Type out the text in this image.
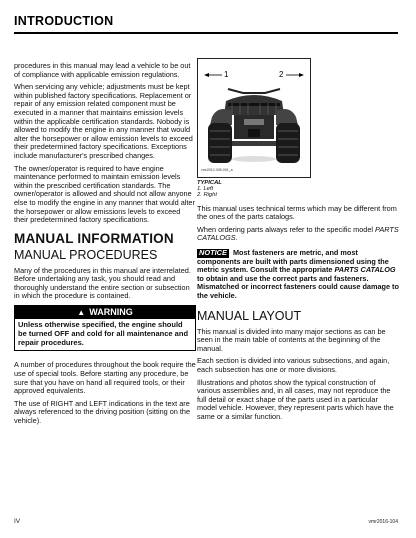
INTRODUCTION

procedures in this manual may lead a vehicle to be out of compliance with applicable emission regulations.

When servicing any vehicle; adjustments must be kept within published factory specifications. Replacement or repair of any emission related component must be executed in a manner that maintains emission levels within the applicable certification standards. Nobody is allowed to modify the engine in any manner that would alter the horsepower or allow emission levels to exceed their predetermined factory specifications. Exceptions include manufacturer's prescribed changes.

The owner/operator is required to have engine maintenance performed to maintain emission levels within the prescribed certification standards. The owner/operator is allowed and should not allow anyone else to modify the engine in any manner that would alter the horsepower or allow emissions levels to exceed their predetermined factory specifications.

MANUAL INFORMATION
MANUAL PROCEDURES

Many of the procedures in this manual are interrelated. Before undertaking any task, you should read and thoroughly understand the entire section or subsection in which the procedure is contained.

▲ WARNING
Unless otherwise specified, the engine should be turned OFF and cold for all maintenance and repair procedures.

A number of procedures throughout the book require the use of special tools. Before starting any procedure, be sure that you have on hand all required tools, or their approved equivalents.

The use of RIGHT and LEFT indications in the text are always referenced to the driving position (sitting on the vehicle).

1	2
vmr2012-005-001_a
TYPICAL
1. Left
2. Right

This manual uses technical terms which may be different from the ones of the parts catalogs.

When ordering parts always refer to the specific model PARTS CATALOGS.

NOTICE Most fasteners are metric, and most components are built with parts dimensioned using the metric system. Consult the appropriate PARTS CATALOG to obtain and use the correct parts and fasteners. Mismatched or incorrect fasteners could cause damage to the vehicle.

MANUAL LAYOUT

This manual is divided into many major sections as can be seen in the main table of contents at the beginning of the manual.

Each section is divided into various subsections, and again, each subsection has one or more divisions.

Illustrations and photos show the typical construction of various assemblies and, in all cases, may not reproduce the full detail or exact shape of the parts used in a particular model vehicle. However, they represent parts which have the same or a similar function.

IV	vmr2016-104
